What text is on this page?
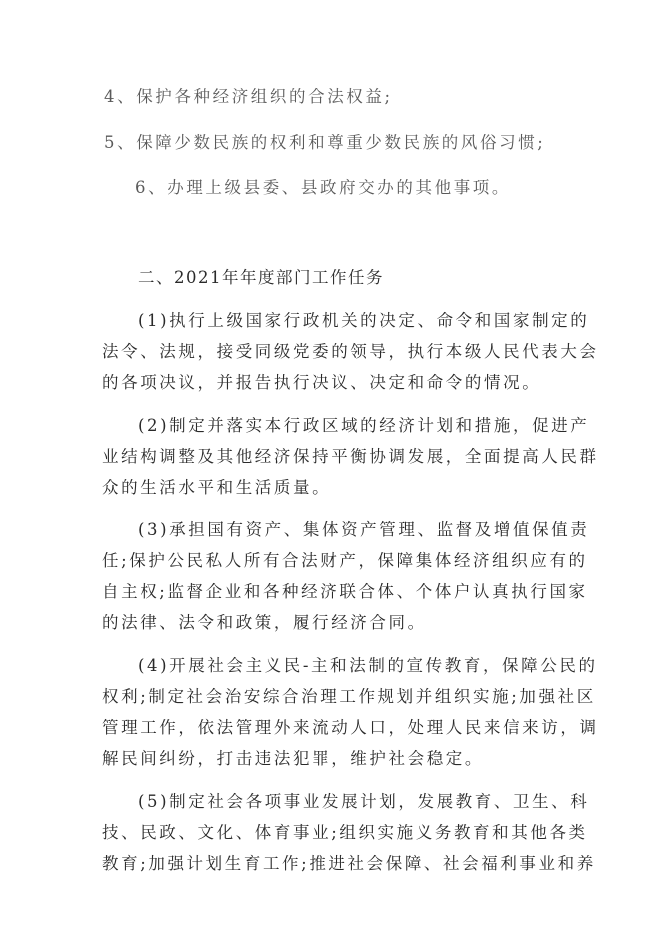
4、保护各种经济组织的合法权益;
5、保障少数民族的权利和尊重少数民族的风俗习惯;
6、办理上级县委、县政府交办的其他事项。
二、2021年年度部门工作任务
(1)执行上级国家行政机关的决定、命令和国家制定的
法令、法规，接受同级党委的领导，执行本级人民代表大会
的各项决议，并报告执行决议、决定和命令的情况。
(2)制定并落实本行政区域的经济计划和措施，促进产
业结构调整及其他经济保持平衡协调发展，全面提高人民群
众的生活水平和生活质量。
(3)承担国有资产、集体资产管理、监督及增值保值责
任;保护公民私人所有合法财产，保障集体经济组织应有的
自主权;监督企业和各种经济联合体、个体户认真执行国家
的法律、法令和政策，履行经济合同。
(4)开展社会主义民-主和法制的宣传教育，保障公民的
权利;制定社会治安综合治理工作规划并组织实施;加强社区
管理工作，依法管理外来流动人口，处理人民来信来访，调
解民间纠纷，打击违法犯罪，维护社会稳定。
(5)制定社会各项事业发展计划，发展教育、卫生、科
技、民政、文化、体育事业;组织实施义务教育和其他各类
教育;加强计划生育工作;推进社会保障、社会福利事业和养
